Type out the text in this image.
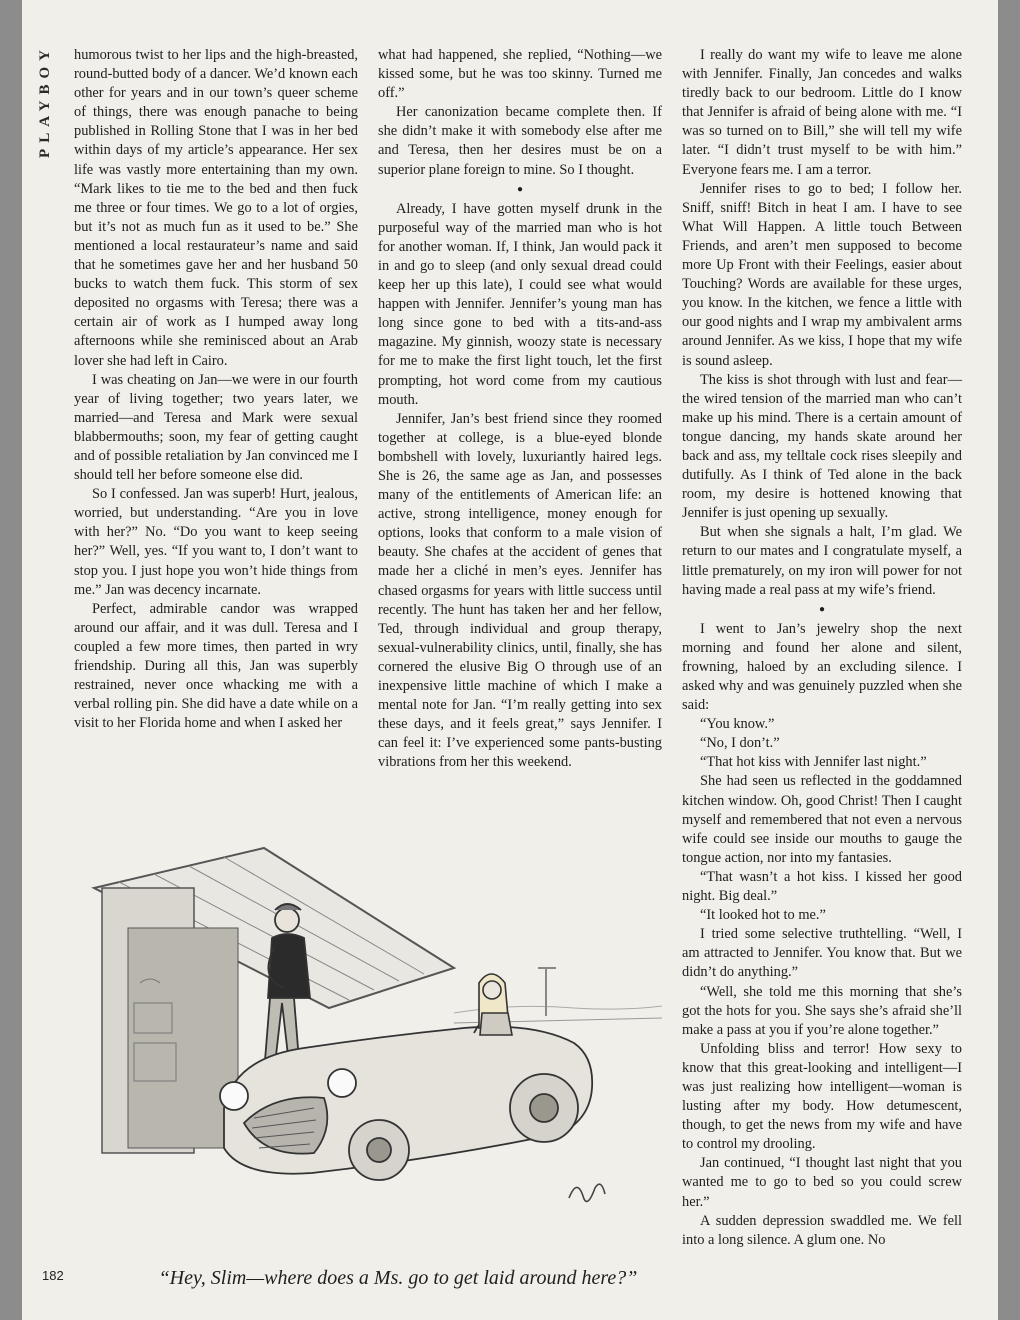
PLAYBOY humorous twist to her lips and the high-breasted, round-butted body of a dancer. We’d known each other for years and in our town’s queer scheme of things, there was enough panache to being published in Rolling Stone that I was in her bed within days of my article’s appearance. Her sex life was vastly more entertaining than my own. “Mark likes to tie me to the bed and then fuck me three or four times. We go to a lot of orgies, but it’s not as much fun as it used to be.” She mentioned a local restaurateur’s name and said that he sometimes gave her and her husband 50 bucks to watch them fuck. This storm of sex deposited no orgasms with Teresa; there was a certain air of work as I humped away long afternoons while she reminisced about an Arab lover she had left in Cairo.

I was cheating on Jan—we were in our fourth year of living together; two years later, we married—and Teresa and Mark were sexual blabbermouths; soon, my fear of getting caught and of possible retaliation by Jan convinced me I should tell her before someone else did.

So I confessed. Jan was superb! Hurt, jealous, worried, but understanding. “Are you in love with her?” No. “Do you want to keep seeing her?” Well, yes. “If you want to, I don’t want to stop you. I just hope you won’t hide things from me.” Jan was decency incarnate.

Perfect, admirable candor was wrapped around our affair, and it was dull. Teresa and I coupled a few more times, then parted in wry friendship. During all this, Jan was superbly restrained, never once whacking me with a verbal rolling pin. She did have a date while on a visit to her Florida home and when I asked her

what had happened, she replied, “Nothing—we kissed some, but he was too skinny. Turned me off.”

Her canonization became complete then. If she didn’t make it with somebody else after me and Teresa, then her desires must be on a superior plane foreign to mine. So I thought.

●

Already, I have gotten myself drunk in the purposeful way of the married man who is hot for another woman. If, I think, Jan would pack it in and go to sleep (and only sexual dread could keep her up this late), I could see what would happen with Jennifer. Jennifer’s young man has long since gone to bed with a tits-and-ass magazine. My ginnish, woozy state is necessary for me to make the first light touch, let the first prompting, hot word come from my cautious mouth.

Jennifer, Jan’s best friend since they roomed together at college, is a blue-eyed blonde bombshell with lovely, luxuriantly haired legs. She is 26, the same age as Jan, and possesses many of the entitlements of American life: an active, strong intelligence, money enough for options, looks that conform to a male vision of beauty. She chafes at the accident of genes that made her a cliché in men’s eyes. Jennifer has chased orgasms for years with little success until recently. The hunt has taken her and her fellow, Ted, through individual and group therapy, sexual-vulnerability clinics, until, finally, she has cornered the elusive Big O through use of an inexpensive little machine of which I make a mental note for Jan. “I’m really getting into sex these days, and it feels great,” says Jennifer. I can feel it: I’ve experienced some pants-busting vibrations from her this weekend.

I really do want my wife to leave me alone with Jennifer. Finally, Jan concedes and walks tiredly back to our bedroom. Little do I know that Jennifer is afraid of being alone with me. “I was so turned on to Bill,” she will tell my wife later. “I didn’t trust myself to be with him.” Everyone fears me. I am a terror.

Jennifer rises to go to bed; I follow her. Sniff, sniff! Bitch in heat I am. I have to see What Will Happen. A little touch Between Friends, and aren’t men supposed to become more Up Front with their Feelings, easier about Touching? Words are available for these urges, you know. In the kitchen, we fence a little with our good nights and I wrap my ambivalent arms around Jennifer. As we kiss, I hope that my wife is sound asleep.

The kiss is shot through with lust and fear—the wired tension of the married man who can’t make up his mind. There is a certain amount of tongue dancing, my hands skate around her back and ass, my telltale cock rises sleepily and dutifully. As I think of Ted alone in the back room, my desire is hottened knowing that Jennifer is just opening up sexually.

But when she signals a halt, I’m glad. We return to our mates and I congratulate myself, a little prematurely, on my iron will power for not having made a real pass at my wife’s friend.

●

I went to Jan’s jewelry shop the next morning and found her alone and silent, frowning, haloed by an excluding silence. I asked why and was genuinely puzzled when she said:

“You know.”

“No, I don’t.”

“That hot kiss with Jennifer last night.”

She had seen us reflected in the goddamned kitchen window. Oh, good Christ! Then I caught myself and remembered that not even a nervous wife could see inside our mouths to gauge the tongue action, nor into my fantasies.

“That wasn’t a hot kiss. I kissed her good night. Big deal.”

“It looked hot to me.”

I tried some selective truthtelling. “Well, I am attracted to Jennifer. You know that. But we didn’t do anything.”

“Well, she told me this morning that she’s got the hots for you. She says she’s afraid she’ll make a pass at you if you’re alone together.”

Unfolding bliss and terror! How sexy to know that this great-looking and intelligent—I was just realizing how intelligent—woman is lusting after my body. How detumescent, though, to get the news from my wife and have to control my drooling.

Jan continued, “I thought last night that you wanted me to go to bed so you could screw her.”

A sudden depression swaddled me. We fell into a long silence. A glum one. No

“Hey, Slim—where does a Ms. go to get laid around here?”
182
